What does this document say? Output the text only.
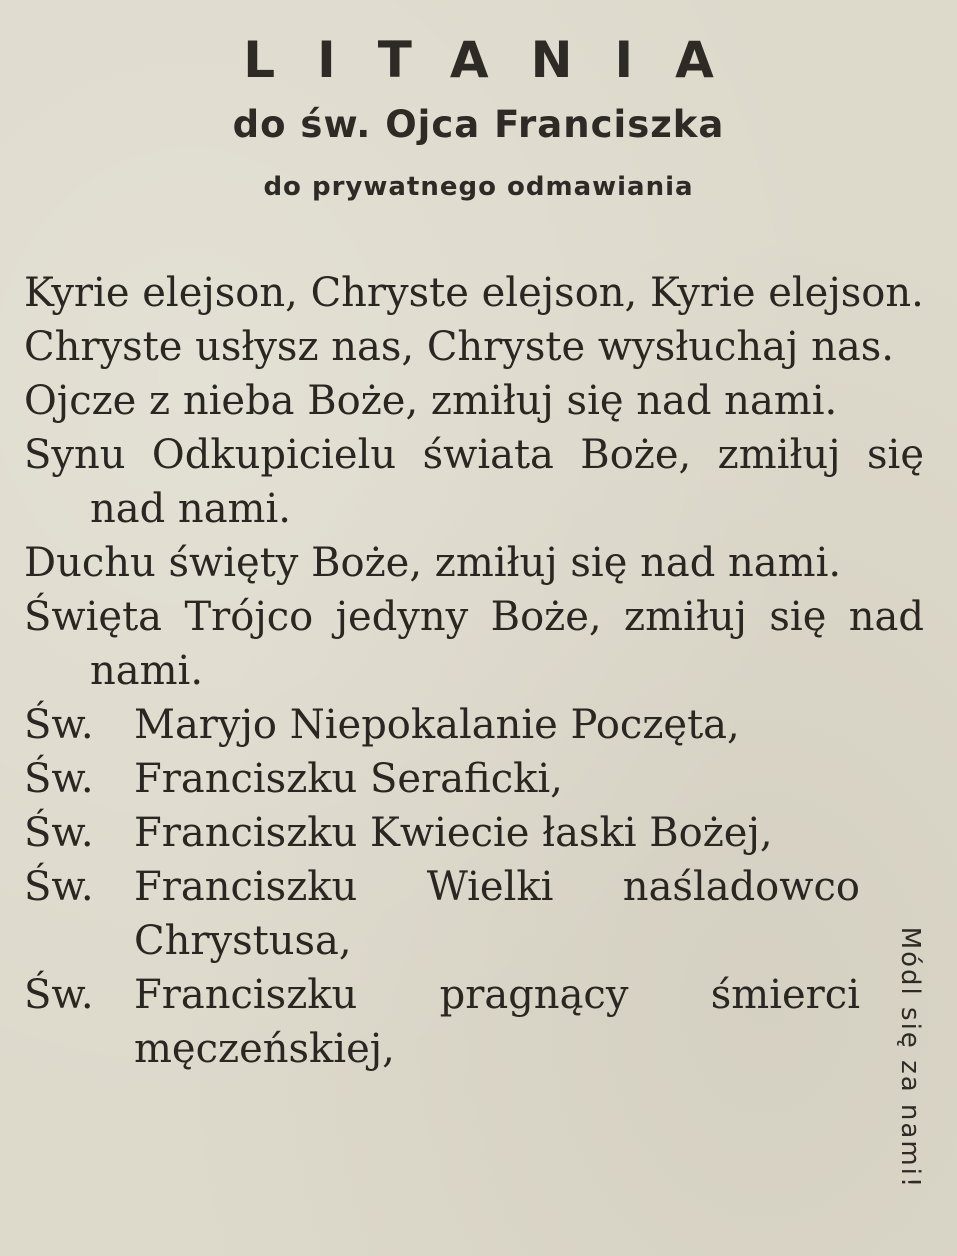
LITANIA
do św. Ojca Franciszka
do prywatnego odmawiania
Kyrie elejson, Chryste elejson, Kyrie elejson.
Chryste usłysz nas, Chryste wysłuchaj nas.
Ojcze z nieba Boże, zmiłuj się nad nami.
Synu Odkupicielu świata Boże, zmiłuj się nad nami.
Duchu święty Boże, zmiłuj się nad nami.
Święta Trójco jedyny Boże, zmiłuj się nad nami.
Św.	Maryjo Niepokalanie Poczęta,
Św.	Franciszku Seraficki,
Św.	Franciszku Kwiecie łaski Bożej,
Św.	Franciszku Wielki naśladowco Chrystusa,
Św.	Franciszku pragnący śmierci męczeńskiej,	Módl się za nami!
